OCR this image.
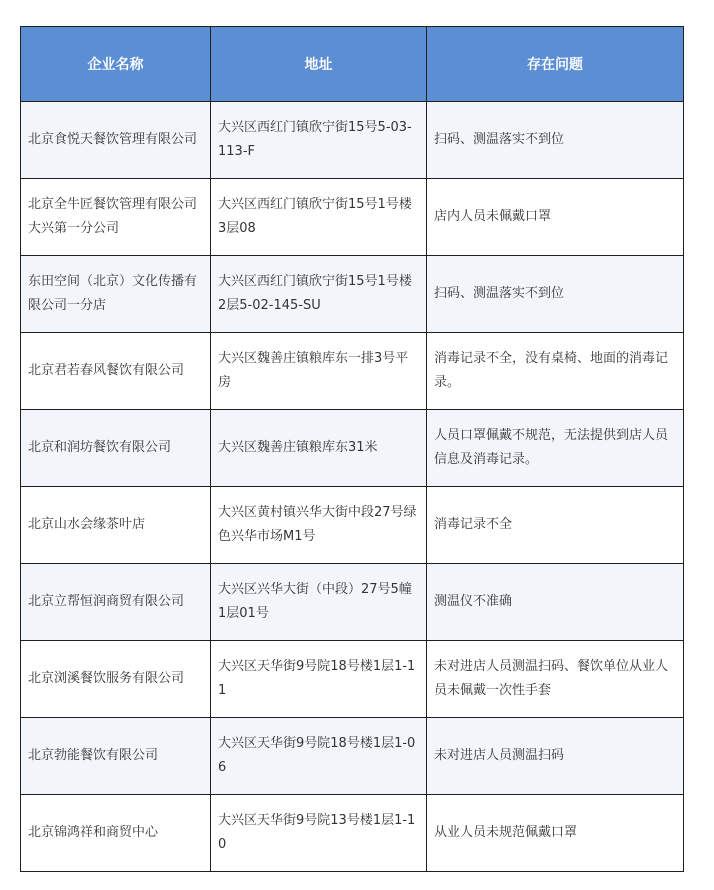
企业名称	地址	存在问题
北京食悦天餐饮管理有限公司	大兴区西红门镇欣宁街15号5-03-113-F	扫码、测温落实不到位
北京全牛匠餐饮管理有限公司大兴第一分公司	大兴区西红门镇欣宁街15号1号楼3层08	店内人员未佩戴口罩
东田空间（北京）文化传播有限公司一分店	大兴区西红门镇欣宁街15号1号楼2层5-02-145-SU	扫码、测温落实不到位
北京君若春风餐饮有限公司	大兴区魏善庄镇粮库东一排3号平房	消毒记录不全，没有桌椅、地面的消毒记录。
北京和润坊餐饮有限公司	大兴区魏善庄镇粮库东31米	人员口罩佩戴不规范，无法提供到店人员信息及消毒记录。
北京山水会缘茶叶店	大兴区黄村镇兴华大街中段27号绿色兴华市场M1号	消毒记录不全
北京立帮恒润商贸有限公司	大兴区兴华大街（中段）27号5幢1层01号	测温仪不准确
北京浏溪餐饮服务有限公司	大兴区天华街9号院18号楼1层1-11	未对进店人员测温扫码、餐饮单位从业人员未佩戴一次性手套
北京勃能餐饮有限公司	大兴区天华街9号院18号楼1层1-06	未对进店人员测温扫码
北京锦鸿祥和商贸中心	大兴区天华街9号院13号楼1层1-10	从业人员未规范佩戴口罩
